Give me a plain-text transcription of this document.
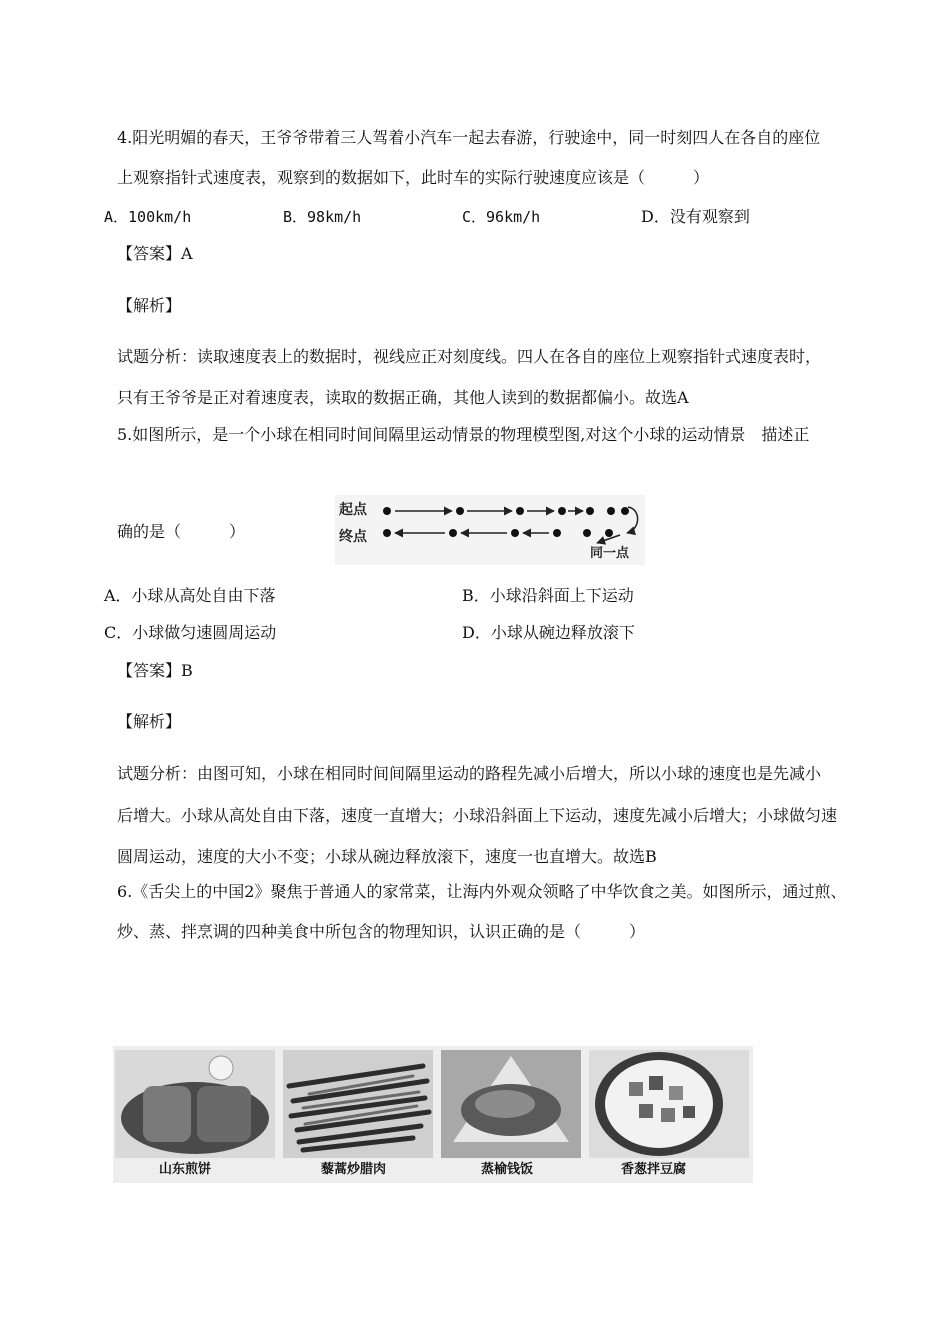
4.阳光明媚的春天，王爷爷带着三人驾着小汽车一起去春游，行驶途中，同一时刻四人在各自的座位
上观察指针式速度表，观察到的数据如下，此时车的实际行驶速度应该是（　　　）
A．100km/h	B．98km/h	C．96km/h	D．没有观察到
【答案】A
【解析】
试题分析：读取速度表上的数据时，视线应正对刻度线。四人在各自的座位上观察指针式速度表时，
只有王爷爷是正对着速度表，读取的数据正确，其他人读到的数据都偏小。故选A
5.如图所示，是一个小球在相同时间间隔里运动情景的物理模型图,对这个小球的运动情景　描述正
确的是（　　　）
起点
终点
同一点
A．小球从高处自由下落	B．小球沿斜面上下运动
C．小球做匀速圆周运动	D．小球从碗边释放滚下
【答案】B
【解析】
试题分析：由图可知，小球在相同时间间隔里运动的路程先减小后增大，所以小球的速度也是先减小
后增大。小球从高处自由下落，速度一直增大；小球沿斜面上下运动，速度先减小后增大；小球做匀速
圆周运动，速度的大小不变；小球从碗边释放滚下，速度一也直增大。故选B
6.《舌尖上的中国2》聚焦于普通人的家常菜，让海内外观众领略了中华饮食之美。如图所示，通过煎、
炒、蒸、拌烹调的四种美食中所包含的物理知识，认识正确的是（　　　）
山东煎饼	藜蒿炒腊肉	蒸榆钱饭	香葱拌豆腐
